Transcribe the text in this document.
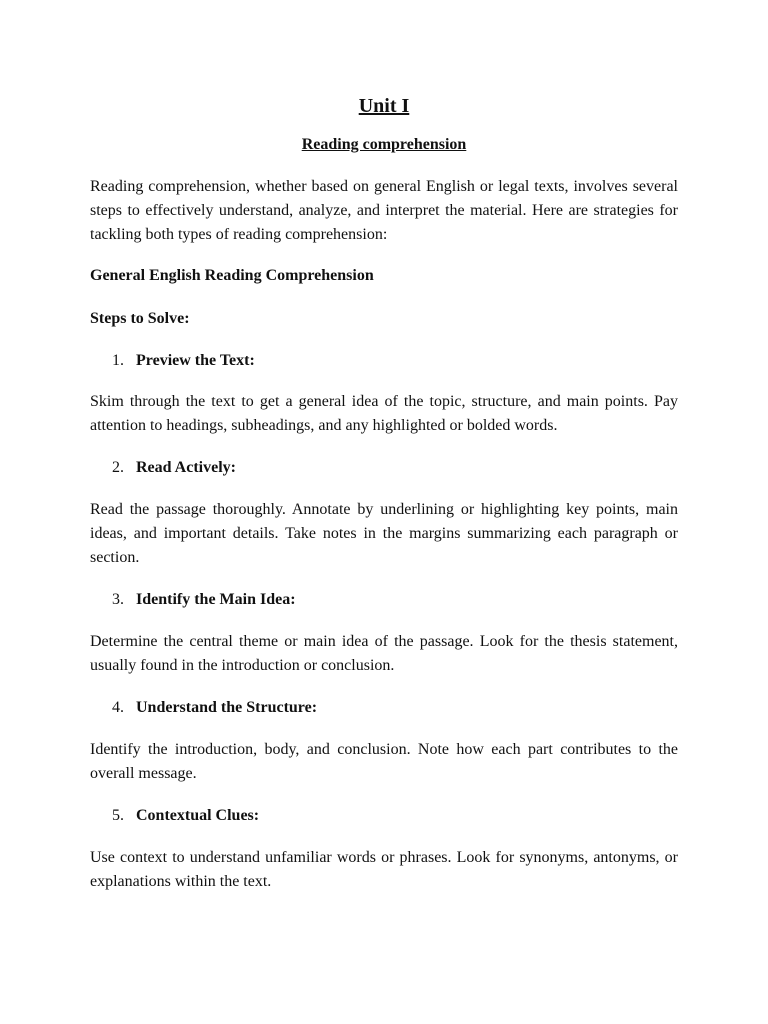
Unit I
Reading comprehension

Reading comprehension, whether based on general English or legal texts, involves several steps to effectively understand, analyze, and interpret the material. Here are strategies for tackling both types of reading comprehension:

General English Reading Comprehension

Steps to Solve:

1. Preview the Text:

Skim through the text to get a general idea of the topic, structure, and main points. Pay attention to headings, subheadings, and any highlighted or bolded words.

2. Read Actively:

Read the passage thoroughly. Annotate by underlining or highlighting key points, main ideas, and important details. Take notes in the margins summarizing each paragraph or section.

3. Identify the Main Idea:

Determine the central theme or main idea of the passage. Look for the thesis statement, usually found in the introduction or conclusion.

4. Understand the Structure:

Identify the introduction, body, and conclusion. Note how each part contributes to the overall message.

5. Contextual Clues:

Use context to understand unfamiliar words or phrases. Look for synonyms, antonyms, or explanations within the text.
